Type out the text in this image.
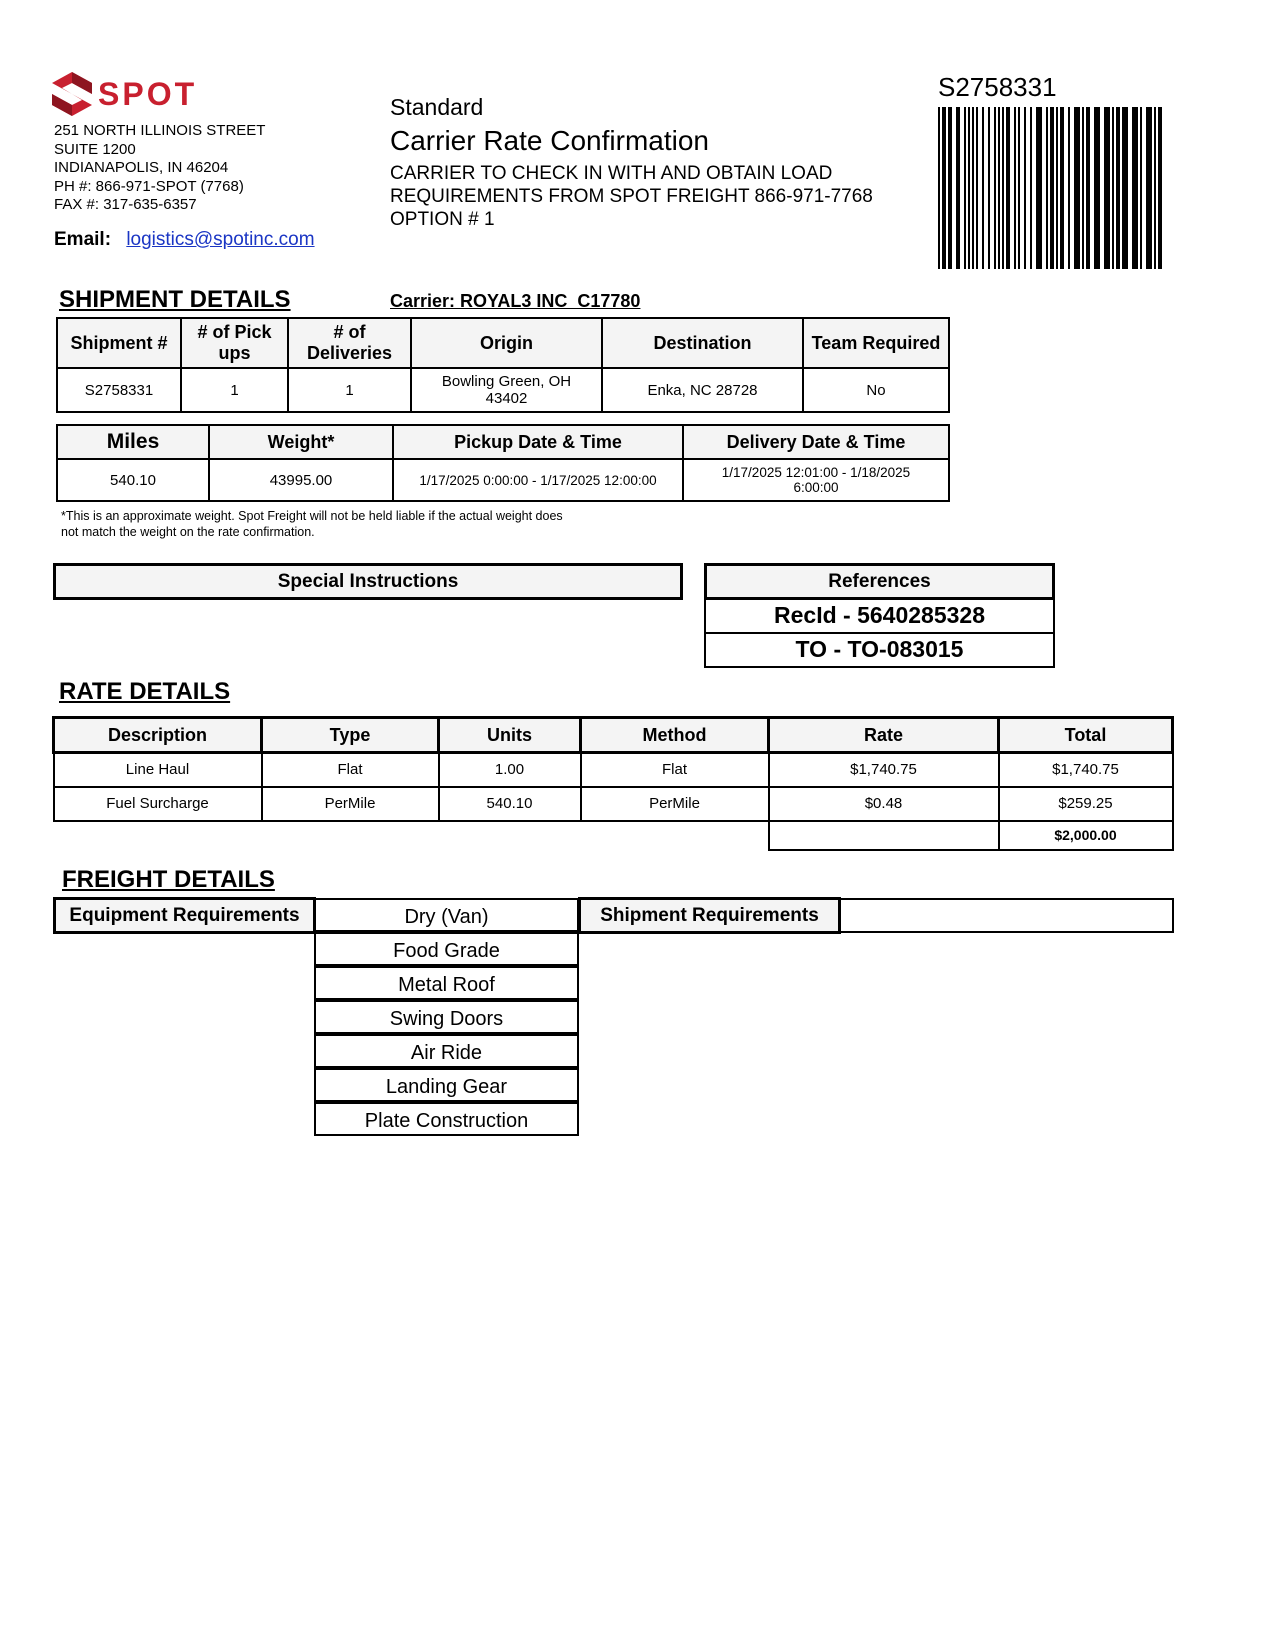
SPOT
251 NORTH ILLINOIS STREET
SUITE 1200
INDIANAPOLIS, IN 46204
PH #: 866-971-SPOT (7768)
FAX #: 317-635-6357
Email: logistics@spotinc.com
Standard
Carrier Rate Confirmation
CARRIER TO CHECK IN WITH AND OBTAIN LOAD
REQUIREMENTS FROM SPOT FREIGHT 866-971-7768
OPTION # 1
S2758331
SHIPMENT DETAILS	Carrier: ROYAL3 INC  C17780
Shipment #	# of Pick ups	# of Deliveries	Origin	Destination	Team Required
S2758331	1	1	Bowling Green, OH 43402	Enka, NC 28728	No
Miles	Weight*	Pickup Date & Time	Delivery Date & Time
540.10	43995.00	1/17/2025 0:00:00 - 1/17/2025 12:00:00	1/17/2025 12:01:00 - 1/18/2025 6:00:00
*This is an approximate weight. Spot Freight will not be held liable if the actual weight does
not match the weight on the rate confirmation.
Special Instructions	References
RecId - 5640285328
TO - TO-083015
RATE DETAILS
Description	Type	Units	Method	Rate	Total
Line Haul	Flat	1.00	Flat	$1,740.75	$1,740.75
Fuel Surcharge	PerMile	540.10	PerMile	$0.48	$259.25
					$2,000.00
FREIGHT DETAILS
Equipment Requirements	Dry (Van)
Food Grade
Metal Roof
Swing Doors
Air Ride
Landing Gear
Plate Construction
Shipment Requirements
